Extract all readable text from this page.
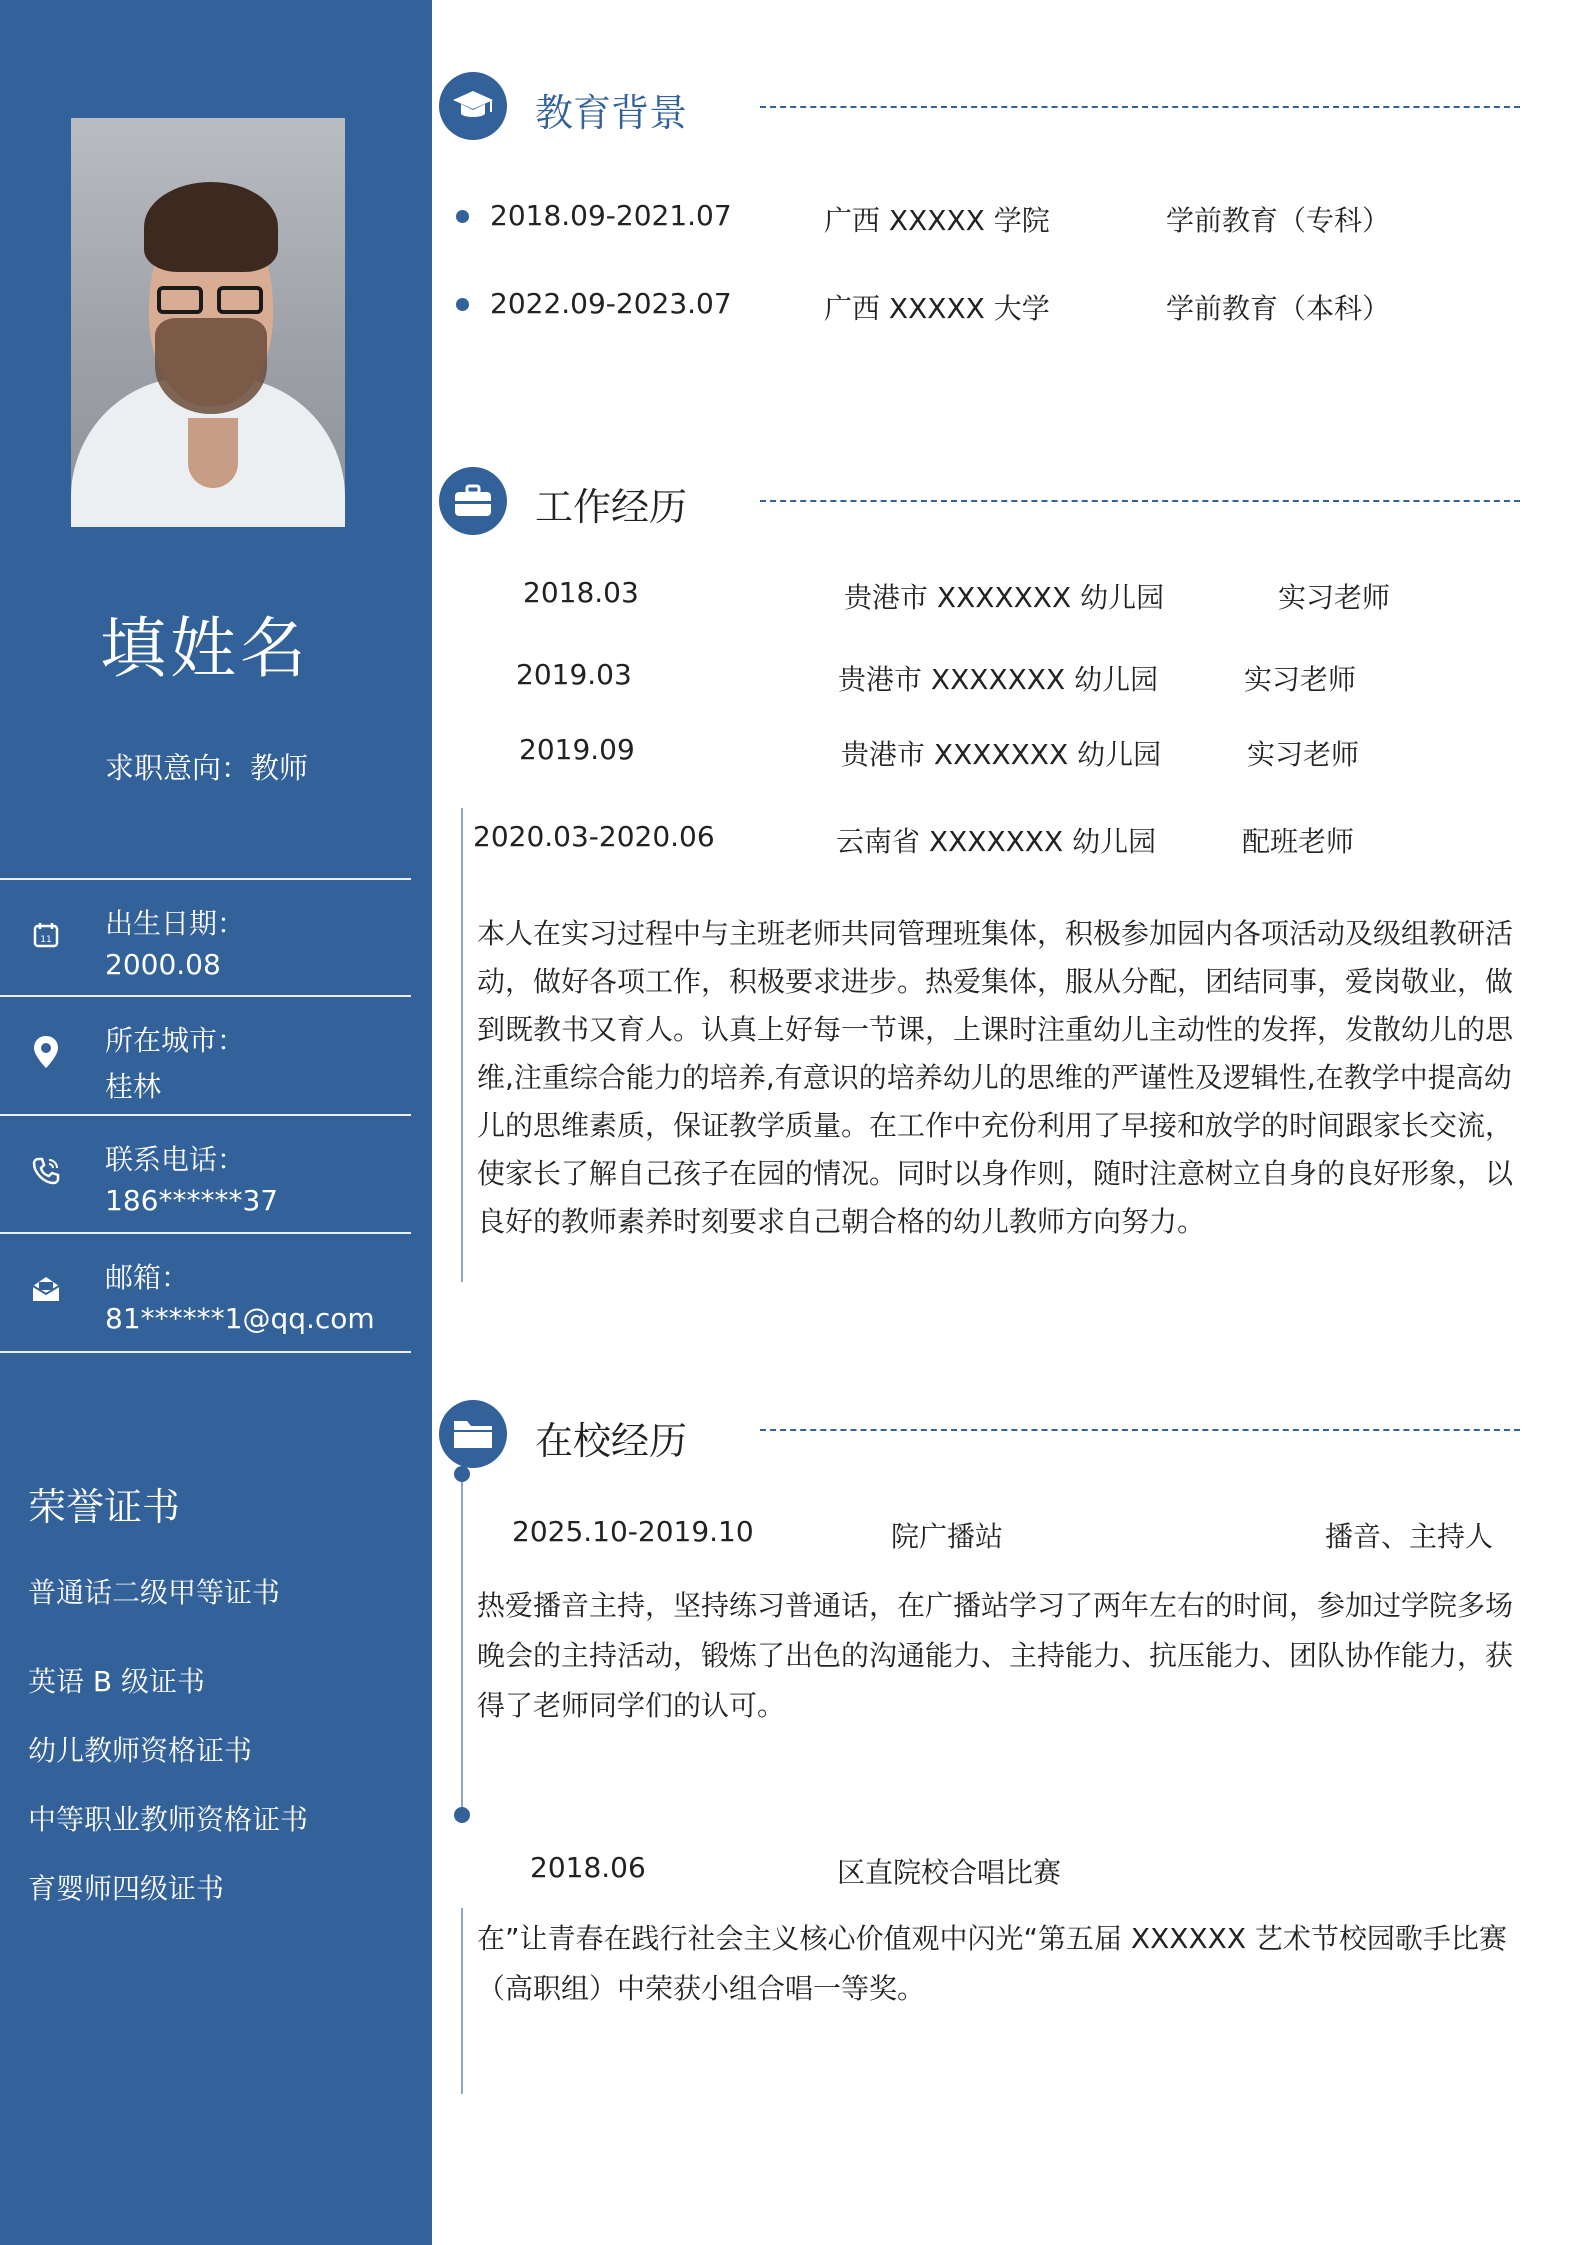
填姓名
求职意向：教师
11 出生日期：
2000.08
所在城市：
桂林
联系电话：
186******37
邮箱：
81******1@qq.com
荣誉证书
普通话二级甲等证书
英语 B 级证书
幼儿教师资格证书
中等职业教师资格证书
育婴师四级证书
教育背景
2018.09-2021.07	广西 XXXXX 学院	学前教育（专科）
2022.09-2023.07	广西 XXXXX 大学	学前教育（本科）
工作经历
2018.03	贵港市 XXXXXXX 幼儿园	实习老师
2019.03	贵港市 XXXXXXX 幼儿园	实习老师
2019.09	贵港市 XXXXXXX 幼儿园	实习老师
2020.03-2020.06	云南省 XXXXXXX 幼儿园	配班老师
本人在实习过程中与主班老师共同管理班集体，积极参加园内各项活动及级组教研活
动，做好各项工作，积极要求进步。热爱集体，服从分配，团结同事，爱岗敬业，做
到既教书又育人。认真上好每一节课，上课时注重幼儿主动性的发挥，发散幼儿的思
维,注重综合能力的培养,有意识的培养幼儿的思维的严谨性及逻辑性,在教学中提高幼
儿的思维素质，保证教学质量。在工作中充份利用了早接和放学的时间跟家长交流，
使家长了解自己孩子在园的情况。同时以身作则，随时注意树立自身的良好形象，以
良好的教师素养时刻要求自己朝合格的幼儿教师方向努力。
在校经历
2025.10-2019.10	院广播站	播音、主持人
热爱播音主持，坚持练习普通话，在广播站学习了两年左右的时间，参加过学院多场
晚会的主持活动，锻炼了出色的沟通能力、主持能力、抗压能力、团队协作能力，获
得了老师同学们的认可。
2018.06	区直院校合唱比赛
在”让青春在践行社会主义核心价值观中闪光“第五届 XXXXXX 艺术节校园歌手比赛
（高职组）中荣获小组合唱一等奖。
